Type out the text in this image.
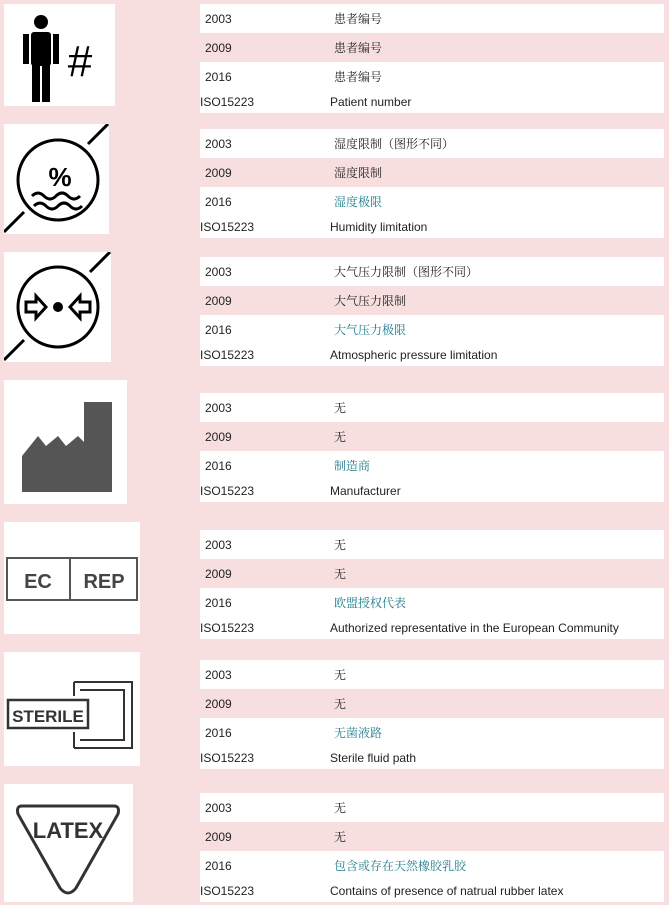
#
2003	患者编号
2009	患者编号
2016	患者编号
ISO15223	Patient number
%
2003	湿度限制（图形不同）
2009	湿度限制
2016	湿度极限
ISO15223	Humidity limitation
2003	大气压力限制（图形不同）
2009	大气压力限制
2016	大气压力极限
ISO15223	Atmospheric pressure limitation
2003	无
2009	无
2016	制造商
ISO15223	Manufacturer
EC REP
2003	无
2009	无
2016	欧盟授权代表
ISO15223	Authorized representative in the European Community
STERILE
2003	无
2009	无
2016	无菌液路
ISO15223	Sterile fluid path
LATEX
2003	无
2009	无
2016	包含或存在天然橡胶乳胶
ISO15223	Contains of presence of natrual rubber latex
